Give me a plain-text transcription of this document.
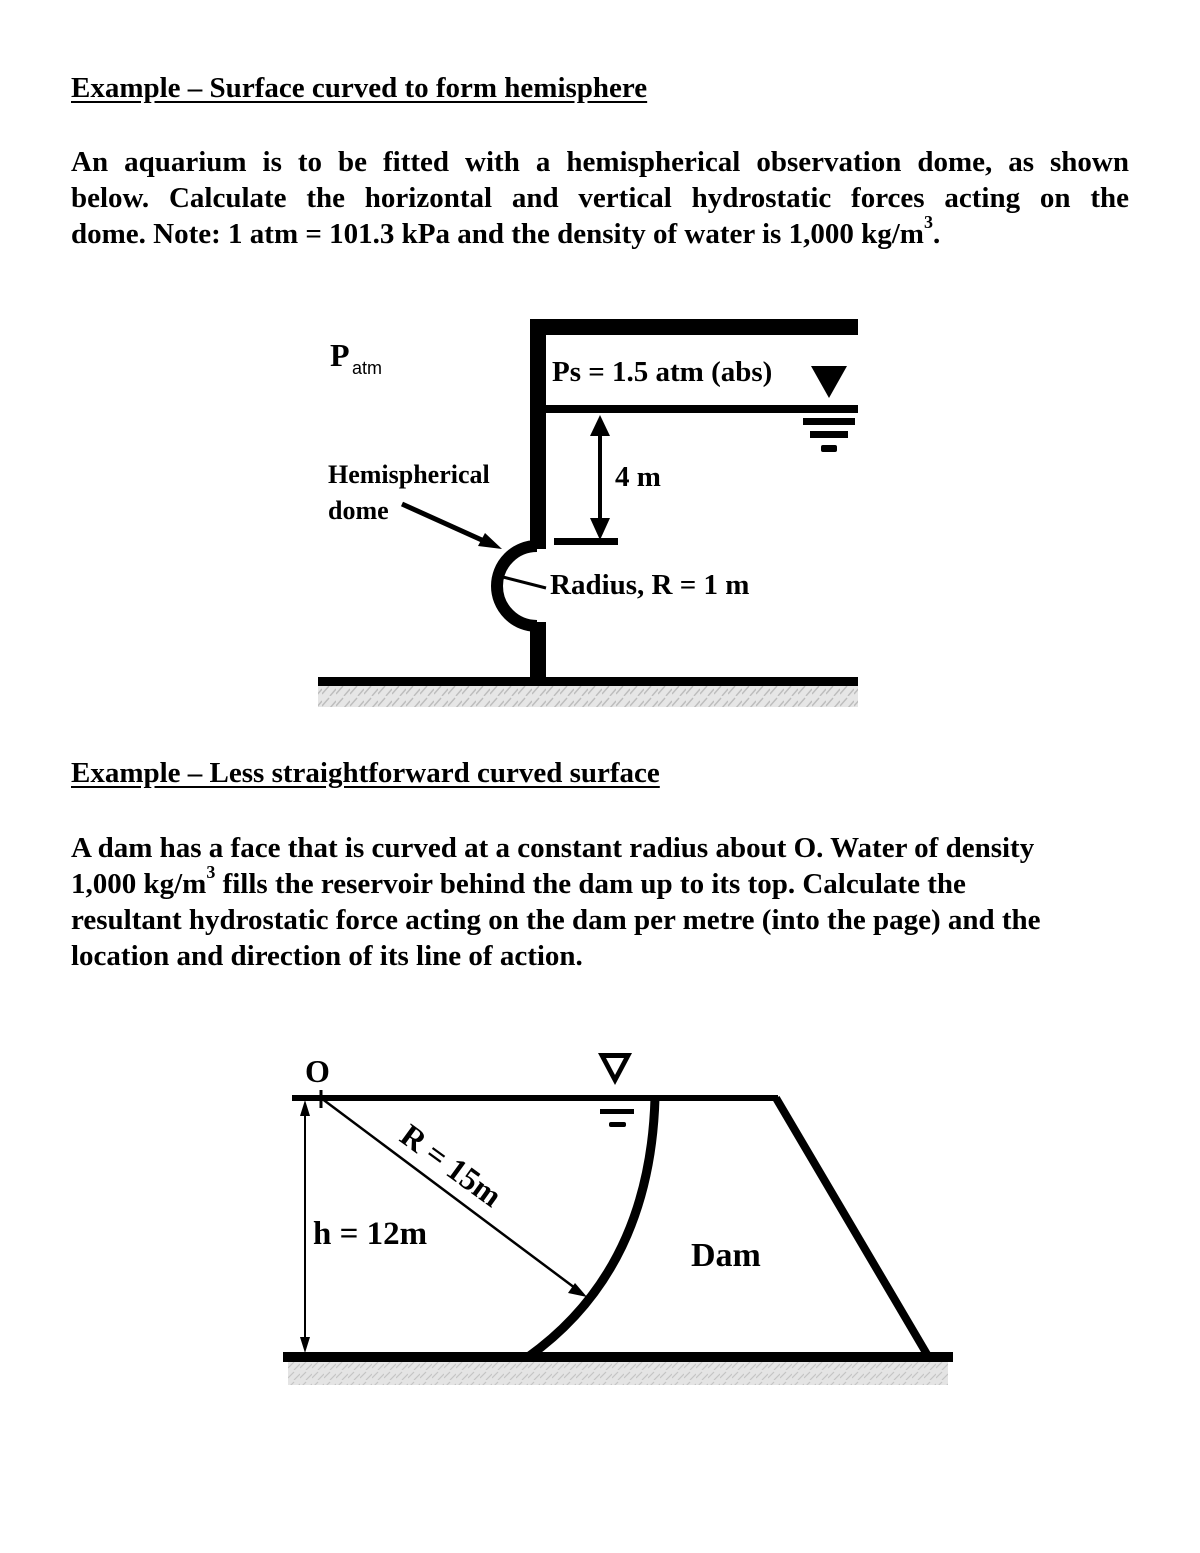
Example – Surface curved to form hemisphere
An aquarium is to be fitted with a hemispherical observation dome, as shown
below. Calculate the horizontal and vertical hydrostatic forces acting on the
dome. Note: 1 atm = 101.3 kPa and the density of water is 1,000 $kg/m^3$.
P atm	Ps = 1.5 atm (abs)
Hemispherical
dome
4 m
Radius, R = 1 m
Example – Less straightforward curved surface
A dam has a face that is curved at a constant radius about O. Water of density
1,000 $kg/m^3$ fills the reservoir behind the dam up to its top. Calculate the
resultant hydrostatic force acting on the dam per metre (into the page) and the
location and direction of its line of action.
O
R = 15m
h = 12m
Dam
